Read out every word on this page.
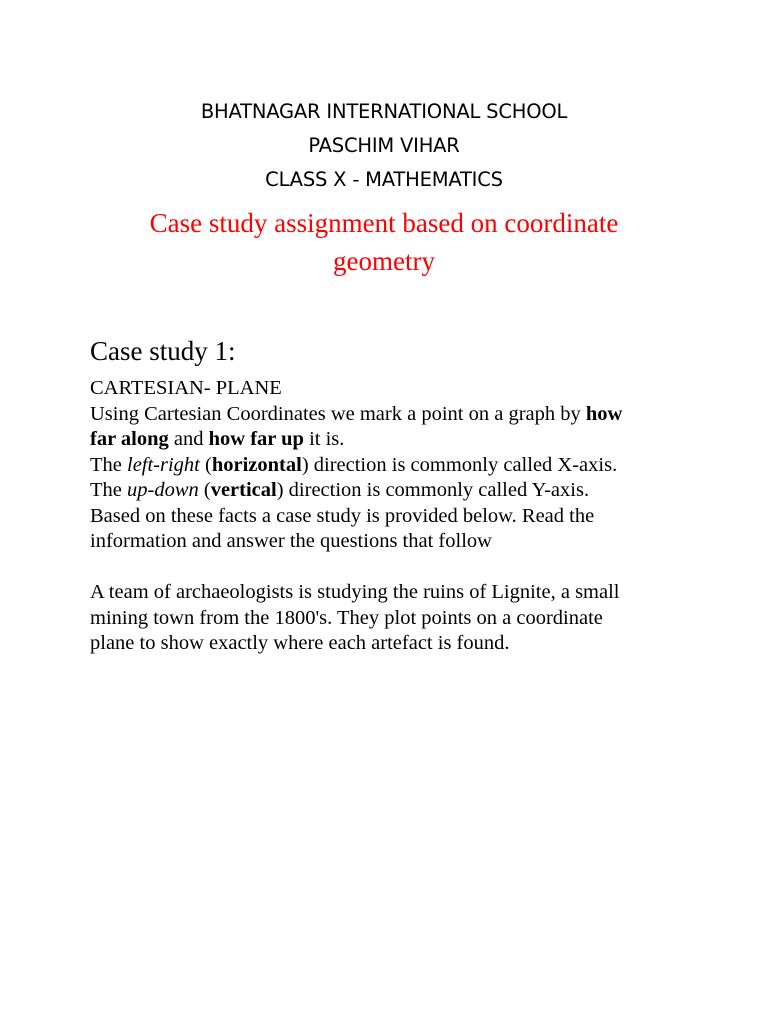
BHATNAGAR INTERNATIONAL SCHOOL
PASCHIM VIHAR
CLASS X - MATHEMATICS
Case study assignment based on coordinate
geometry
Case study 1:
CARTESIAN- PLANE
Using Cartesian Coordinates we mark a point on a graph by how
far along and how far up it is.
The left-right (horizontal) direction is commonly called X-axis.
The up-down (vertical) direction is commonly called Y-axis.
Based on these facts a case study is provided below. Read the
information and answer the questions that follow
A team of archaeologists is studying the ruins of Lignite, a small
mining town from the 1800's. They plot points on a coordinate
plane to show exactly where each artefact is found.
